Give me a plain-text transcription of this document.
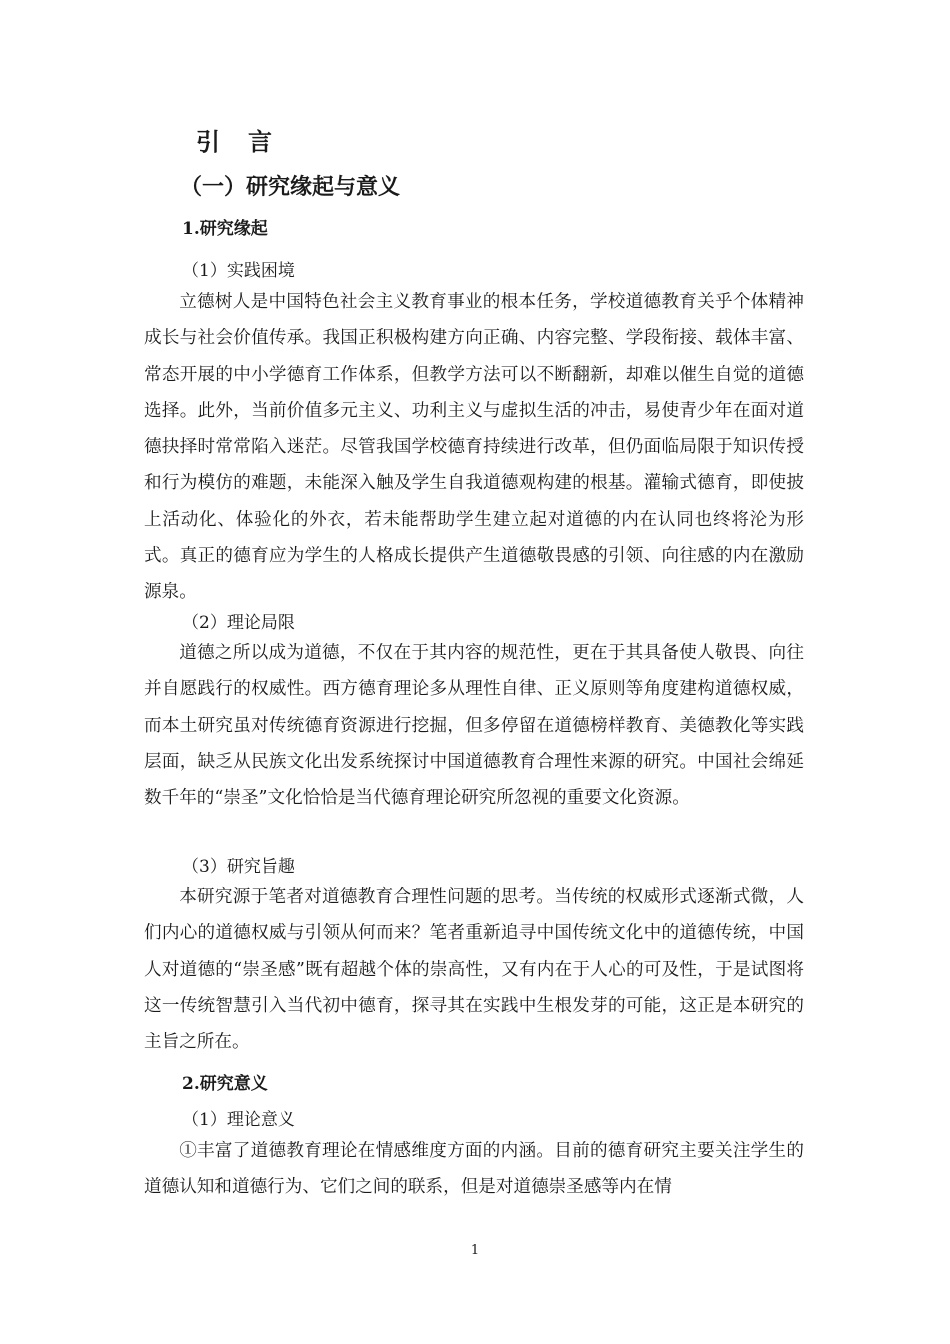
引　言
（一）研究缘起与意义
1.研究缘起
（1）实践困境

立德树人是中国特色社会主义教育事业的根本任务，学校道德教育关乎个体精神成长与社会价值传承。我国正积极构建方向正确、内容完整、学段衔接、载体丰富、常态开展的中小学德育工作体系，但教学方法可以不断翻新，却难以催生自觉的道德选择。此外，当前价值多元主义、功利主义与虚拟生活的冲击，易使青少年在面对道德抉择时常常陷入迷茫。尽管我国学校德育持续进行改革，但仍面临局限于知识传授和行为模仿的难题，未能深入触及学生自我道德观构建的根基。灌输式德育，即使披上活动化、体验化的外衣，若未能帮助学生建立起对道德的内在认同也终将沦为形式。真正的德育应为学生的人格成长提供产生道德敬畏感的引领、向往感的内在激励源泉。

（2）理论局限

道德之所以成为道德，不仅在于其内容的规范性，更在于其具备使人敬畏、向往并自愿践行的权威性。西方德育理论多从理性自律、正义原则等角度建构道德权威，而本土研究虽对传统德育资源进行挖掘，但多停留在道德榜样教育、美德教化等实践层面，缺乏从民族文化出发系统探讨中国道德教育合理性来源的研究。中国社会绵延数千年的“崇圣”文化恰恰是当代德育理论研究所忽视的重要文化资源。

（3）研究旨趣

本研究源于笔者对道德教育合理性问题的思考。当传统的权威形式逐渐式微，人们内心的道德权威与引领从何而来？笔者重新追寻中国传统文化中的道德传统，中国人对道德的“崇圣感”既有超越个体的崇高性，又有内在于人心的可及性，于是试图将这一传统智慧引入当代初中德育，探寻其在实践中生根发芽的可能，这正是本研究的主旨之所在。

2.研究意义
（1）理论意义

①丰富了道德教育理论在情感维度方面的内涵。目前的德育研究主要关注学生的道德认知和道德行为、它们之间的联系，但是对道德崇圣感等内在情

1
